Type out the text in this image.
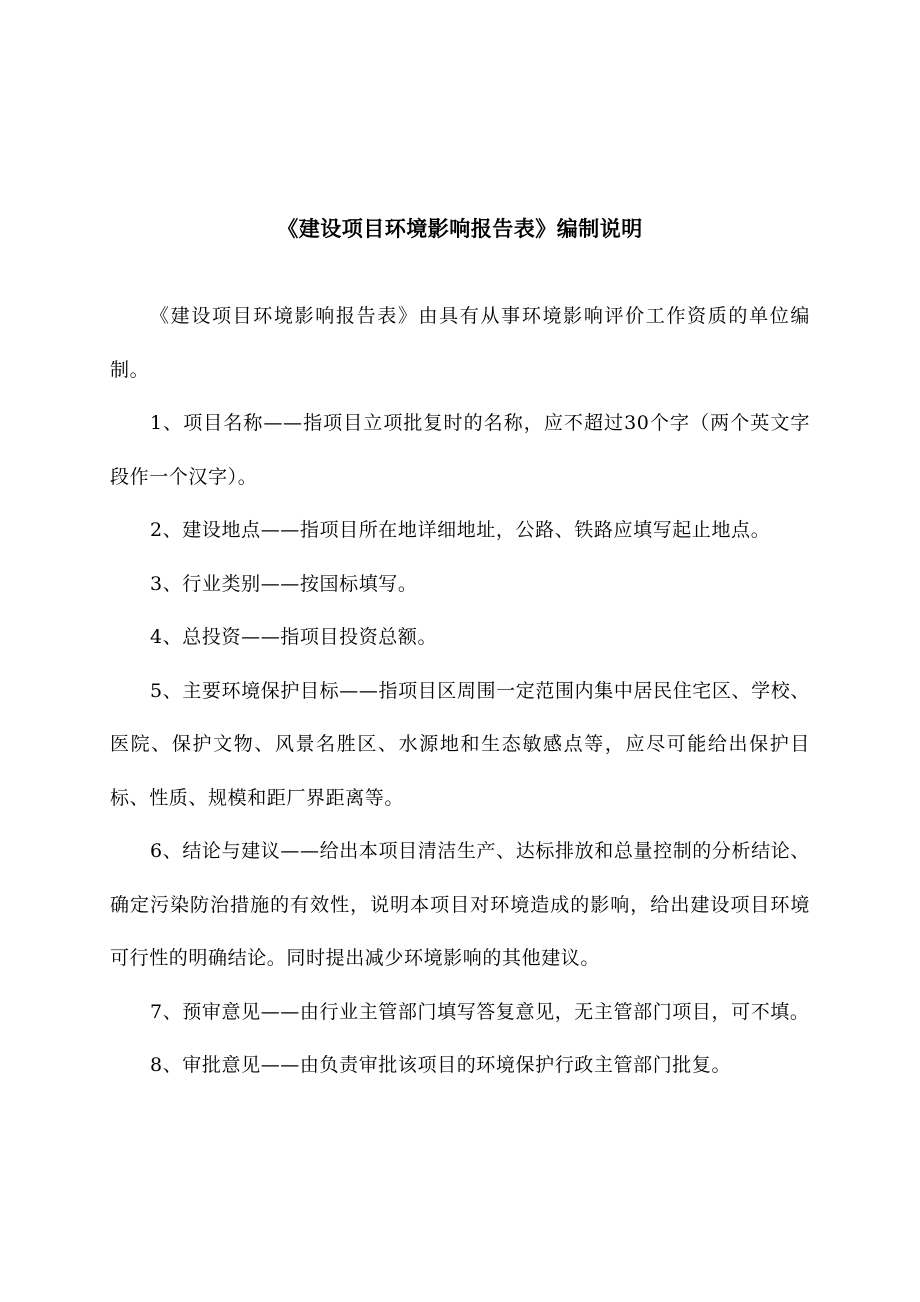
《建设项目环境影响报告表》编制说明

《建设项目环境影响报告表》由具有从事环境影响评价工作资质的单位编制。

1、项目名称——指项目立项批复时的名称，应不超过30个字（两个英文字段作一个汉字）。

2、建设地点——指项目所在地详细地址，公路、铁路应填写起止地点。

3、行业类别——按国标填写。

4、总投资——指项目投资总额。

5、主要环境保护目标——指项目区周围一定范围内集中居民住宅区、学校、医院、保护文物、风景名胜区、水源地和生态敏感点等，应尽可能给出保护目标、性质、规模和距厂界距离等。

6、结论与建议——给出本项目清洁生产、达标排放和总量控制的分析结论、确定污染防治措施的有效性，说明本项目对环境造成的影响，给出建设项目环境可行性的明确结论。同时提出减少环境影响的其他建议。

7、预审意见——由行业主管部门填写答复意见，无主管部门项目，可不填。

8、审批意见——由负责审批该项目的环境保护行政主管部门批复。
